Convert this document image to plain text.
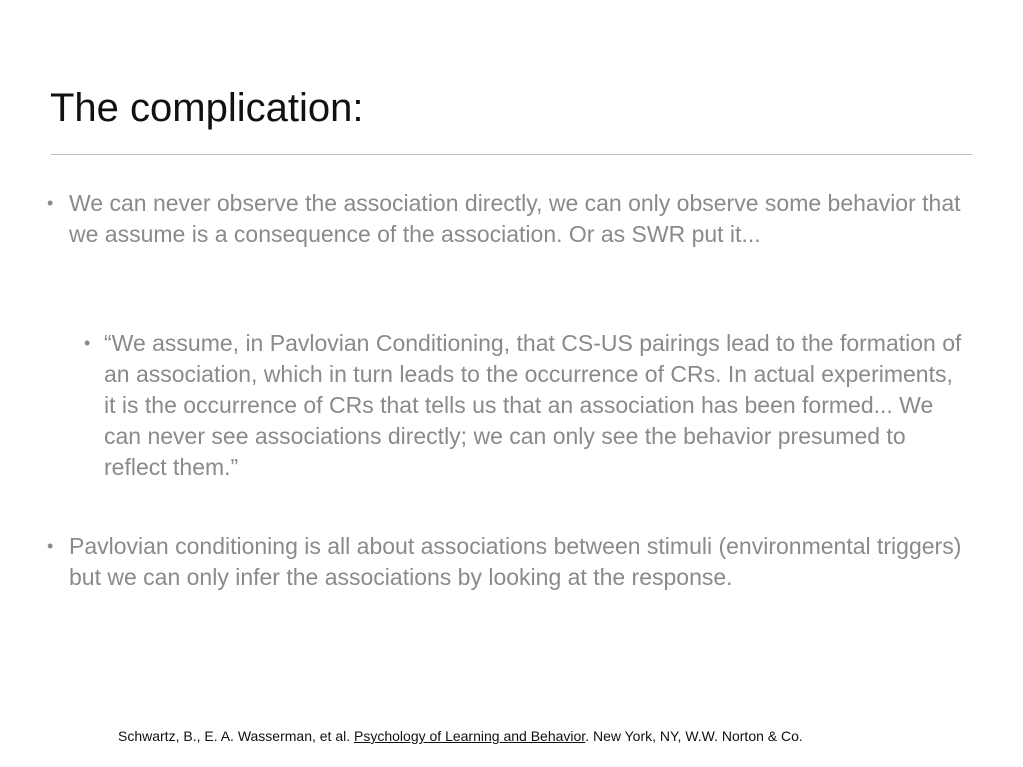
The complication:

• We can never observe the association directly, we can only observe some behavior that we assume is a consequence of the association. Or as SWR put it...

• “We assume, in Pavlovian Conditioning, that CS-US pairings lead to the formation of an association, which in turn leads to the occurrence of CRs. In actual experiments, it is the occurrence of CRs that tells us that an association has been formed... We can never see associations directly; we can only see the behavior presumed to reflect them.”

• Pavlovian conditioning is all about associations between stimuli (environmental triggers) but we can only infer the associations by looking at the response.

Schwartz, B., E. A. Wasserman, et al. Psychology of Learning and Behavior. New York, NY, W.W. Norton & Co.
